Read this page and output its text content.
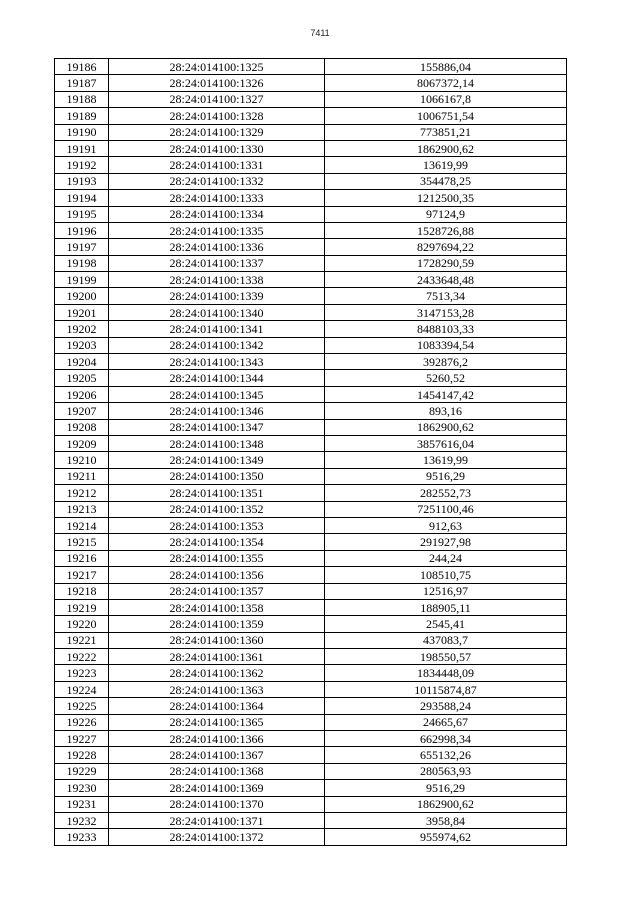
7411
19186	28:24:014100:1325	155886,04
19187	28:24:014100:1326	8067372,14
19188	28:24:014100:1327	1066167,8
19189	28:24:014100:1328	1006751,54
19190	28:24:014100:1329	773851,21
19191	28:24:014100:1330	1862900,62
19192	28:24:014100:1331	13619,99
19193	28:24:014100:1332	354478,25
19194	28:24:014100:1333	1212500,35
19195	28:24:014100:1334	97124,9
19196	28:24:014100:1335	1528726,88
19197	28:24:014100:1336	8297694,22
19198	28:24:014100:1337	1728290,59
19199	28:24:014100:1338	2433648,48
19200	28:24:014100:1339	7513,34
19201	28:24:014100:1340	3147153,28
19202	28:24:014100:1341	8488103,33
19203	28:24:014100:1342	1083394,54
19204	28:24:014100:1343	392876,2
19205	28:24:014100:1344	5260,52
19206	28:24:014100:1345	1454147,42
19207	28:24:014100:1346	893,16
19208	28:24:014100:1347	1862900,62
19209	28:24:014100:1348	3857616,04
19210	28:24:014100:1349	13619,99
19211	28:24:014100:1350	9516,29
19212	28:24:014100:1351	282552,73
19213	28:24:014100:1352	7251100,46
19214	28:24:014100:1353	912,63
19215	28:24:014100:1354	291927,98
19216	28:24:014100:1355	244,24
19217	28:24:014100:1356	108510,75
19218	28:24:014100:1357	12516,97
19219	28:24:014100:1358	188905,11
19220	28:24:014100:1359	2545,41
19221	28:24:014100:1360	437083,7
19222	28:24:014100:1361	198550,57
19223	28:24:014100:1362	1834448,09
19224	28:24:014100:1363	10115874,87
19225	28:24:014100:1364	293588,24
19226	28:24:014100:1365	24665,67
19227	28:24:014100:1366	662998,34
19228	28:24:014100:1367	655132,26
19229	28:24:014100:1368	280563,93
19230	28:24:014100:1369	9516,29
19231	28:24:014100:1370	1862900,62
19232	28:24:014100:1371	3958,84
19233	28:24:014100:1372	955974,62
